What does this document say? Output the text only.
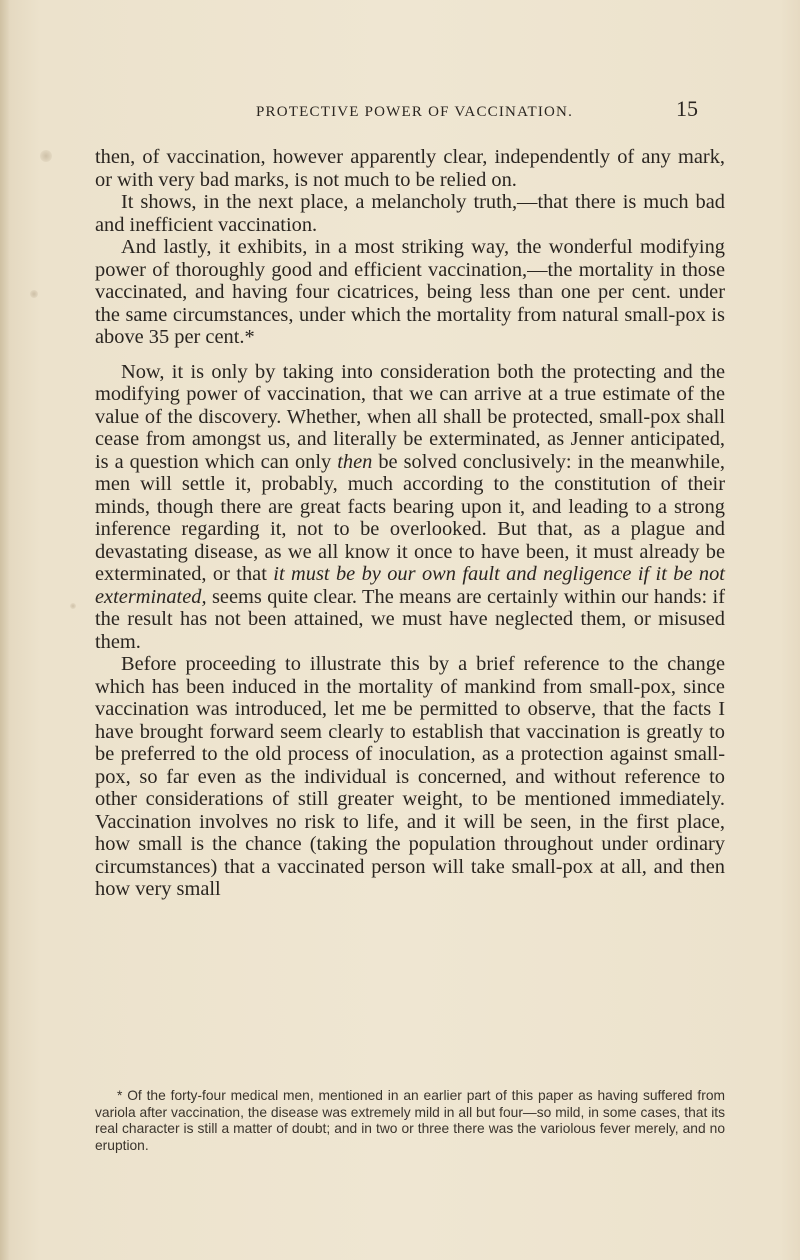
PROTECTIVE POWER OF VACCINATION.	15

then, of vaccination, however apparently clear, independently of any mark, or with very bad marks, is not much to be relied on.

It shows, in the next place, a melancholy truth,—that there is much bad and inefficient vaccination.

And lastly, it exhibits, in a most striking way, the wonderful modifying power of thoroughly good and efficient vaccination,—the mortality in those vaccinated, and having four cicatrices, being less than one per cent. under the same circumstances, under which the mortality from natural small-pox is above 35 per cent.*

Now, it is only by taking into consideration both the protecting and the modifying power of vaccination, that we can arrive at a true estimate of the value of the discovery. Whether, when all shall be protected, small-pox shall cease from amongst us, and literally be exterminated, as Jenner anticipated, is a question which can only then be solved conclusively: in the meanwhile, men will settle it, probably, much according to the constitution of their minds, though there are great facts bearing upon it, and leading to a strong inference regarding it, not to be overlooked. But that, as a plague and devastating disease, as we all know it once to have been, it must already be exterminated, or that it must be by our own fault and negligence if it be not exterminated, seems quite clear. The means are certainly within our hands: if the result has not been attained, we must have neglected them, or misused them.

Before proceeding to illustrate this by a brief reference to the change which has been induced in the mortality of mankind from small-pox, since vaccination was introduced, let me be permitted to observe, that the facts I have brought forward seem clearly to establish that vaccination is greatly to be preferred to the old process of inoculation, as a protection against small-pox, so far even as the individual is concerned, and without reference to other considerations of still greater weight, to be mentioned immediately. Vaccination involves no risk to life, and it will be seen, in the first place, how small is the chance (taking the population throughout under ordinary circumstances) that a vaccinated person will take small-pox at all, and then how very small

* Of the forty-four medical men, mentioned in an earlier part of this paper as having suffered from variola after vaccination, the disease was extremely mild in all but four—so mild, in some cases, that its real character is still a matter of doubt; and in two or three there was the variolous fever merely, and no eruption.
